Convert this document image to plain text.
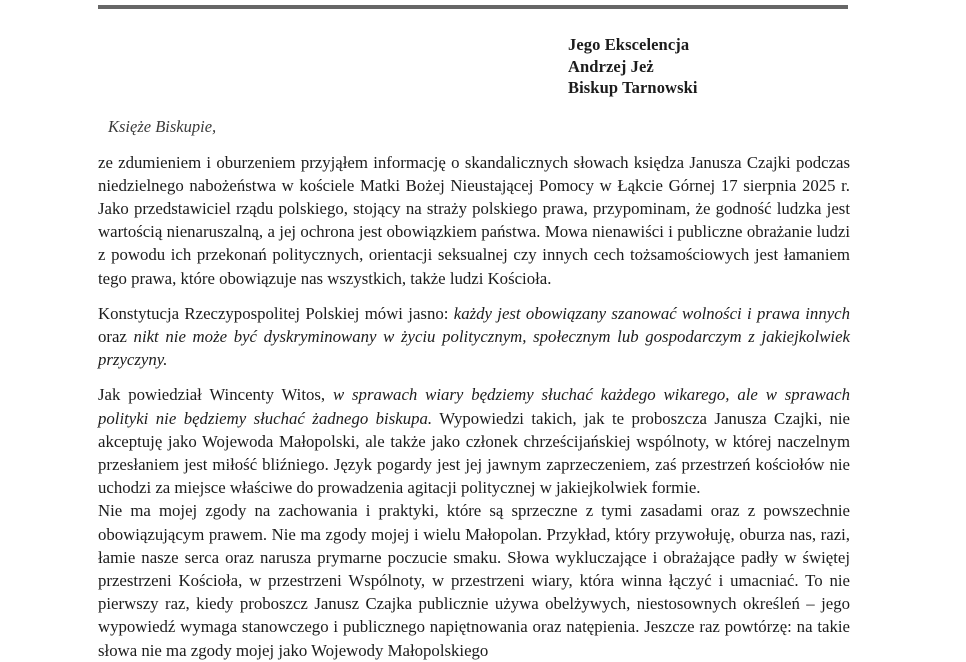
Jego Ekscelencja
Andrzej Jeż
Biskup Tarnowski
Księże Biskupie,

ze zdumieniem i oburzeniem przyjąłem informację o skandalicznych słowach księdza Janusza Czajki podczas niedzielnego nabożeństwa w kościele Matki Bożej Nieustającej Pomocy w Łąkcie Górnej 17 sierpnia 2025 r. Jako przedstawiciel rządu polskiego, stojący na straży polskiego prawa, przypominam, że godność ludzka jest wartością nienaruszalną, a jej ochrona jest obowiązkiem państwa. Mowa nienawiści i publiczne obrażanie ludzi z powodu ich przekonań politycznych, orientacji seksualnej czy innych cech tożsamościowych jest łamaniem tego prawa, które obowiązuje nas wszystkich, także ludzi Kościoła.

Konstytucja Rzeczypospolitej Polskiej mówi jasno: każdy jest obowiązany szanować wolności i prawa innych oraz nikt nie może być dyskryminowany w życiu politycznym, społecznym lub gospodarczym z jakiejkolwiek przyczyny.

Jak powiedział Wincenty Witos, w sprawach wiary będziemy słuchać każdego wikarego, ale w sprawach polityki nie będziemy słuchać żadnego biskupa. Wypowiedzi takich, jak te proboszcza Janusza Czajki, nie akceptuję jako Wojewoda Małopolski, ale także jako członek chrześcijańskiej wspólnoty, w której naczelnym przesłaniem jest miłość bliźniego. Język pogardy jest jej jawnym zaprzeczeniem, zaś przestrzeń kościołów nie uchodzi za miejsce właściwe do prowadzenia agitacji politycznej w jakiejkolwiek formie.

Nie ma mojej zgody na zachowania i praktyki, które są sprzeczne z tymi zasadami oraz z powszechnie obowiązującym prawem. Nie ma zgody mojej i wielu Małopolan. Przykład, który przywołuję, oburza nas, razi, łamie nasze serca oraz narusza prymarne poczucie smaku. Słowa wykluczające i obrażające padły w świętej przestrzeni Kościoła, w przestrzeni Wspólnoty, w przestrzeni wiary, która winna łączyć i umacniać. To nie pierwszy raz, kiedy proboszcz Janusz Czajka publicznie używa obelżywych, niestosownych określeń – jego wypowiedź wymaga stanowczego i publicznego napiętnowania oraz natępienia. Jeszcze raz powtórzę: na takie słowa nie ma zgody mojej jako Wojewody Małopolskiego
